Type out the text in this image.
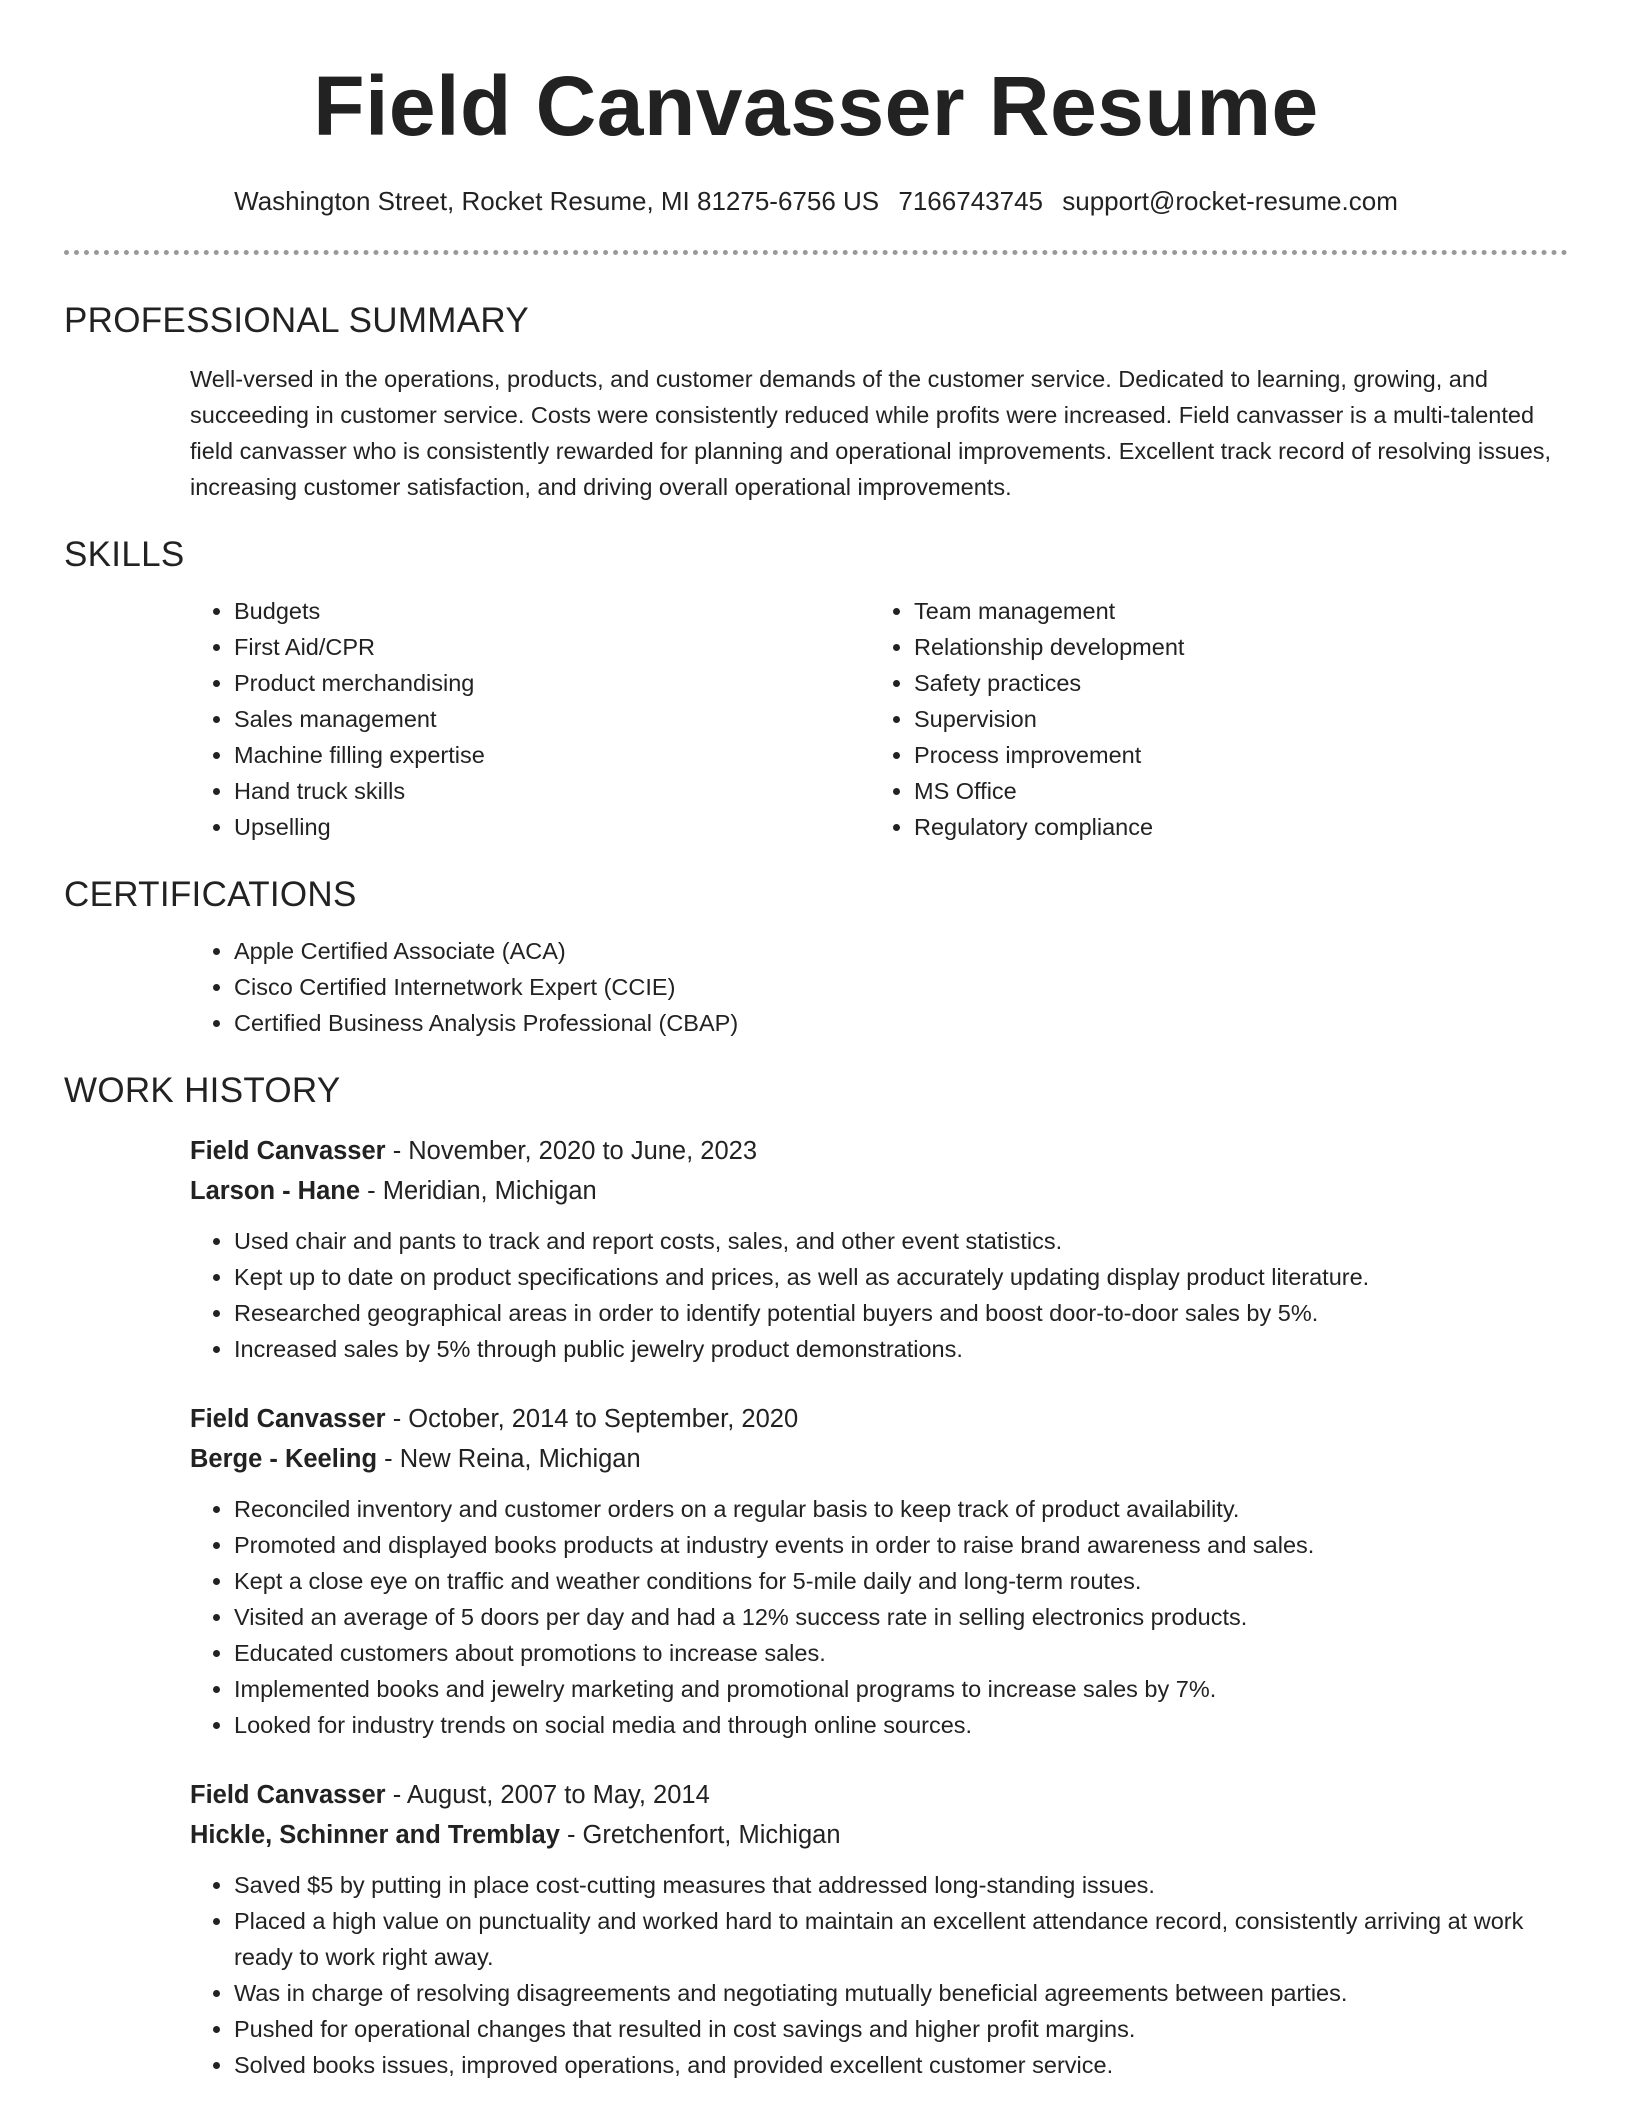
Field Canvasser Resume
Washington Street, Rocket Resume, MI 81275-6756 US 7166743745 support@rocket-resume.com
PROFESSIONAL SUMMARY
Well-versed in the operations, products, and customer demands of the customer service. Dedicated to learning, growing, and succeeding in customer service. Costs were consistently reduced while profits were increased. Field canvasser is a multi-talented field canvasser who is consistently rewarded for planning and operational improvements. Excellent track record of resolving issues, increasing customer satisfaction, and driving overall operational improvements.
SKILLS
• Budgets
• First Aid/CPR
• Product merchandising
• Sales management
• Machine filling expertise
• Hand truck skills
• Upselling
• Team management
• Relationship development
• Safety practices
• Supervision
• Process improvement
• MS Office
• Regulatory compliance
CERTIFICATIONS
• Apple Certified Associate (ACA)
• Cisco Certified Internetwork Expert (CCIE)
• Certified Business Analysis Professional (CBAP)
WORK HISTORY
Field Canvasser - November, 2020 to June, 2023
Larson - Hane - Meridian, Michigan
• Used chair and pants to track and report costs, sales, and other event statistics.
• Kept up to date on product specifications and prices, as well as accurately updating display product literature.
• Researched geographical areas in order to identify potential buyers and boost door-to-door sales by 5%.
• Increased sales by 5% through public jewelry product demonstrations.
Field Canvasser - October, 2014 to September, 2020
Berge - Keeling - New Reina, Michigan
• Reconciled inventory and customer orders on a regular basis to keep track of product availability.
• Promoted and displayed books products at industry events in order to raise brand awareness and sales.
• Kept a close eye on traffic and weather conditions for 5-mile daily and long-term routes.
• Visited an average of 5 doors per day and had a 12% success rate in selling electronics products.
• Educated customers about promotions to increase sales.
• Implemented books and jewelry marketing and promotional programs to increase sales by 7%.
• Looked for industry trends on social media and through online sources.
Field Canvasser - August, 2007 to May, 2014
Hickle, Schinner and Tremblay - Gretchenfort, Michigan
• Saved $5 by putting in place cost-cutting measures that addressed long-standing issues.
• Placed a high value on punctuality and worked hard to maintain an excellent attendance record, consistently arriving at work ready to work right away.
• Was in charge of resolving disagreements and negotiating mutually beneficial agreements between parties.
• Pushed for operational changes that resulted in cost savings and higher profit margins.
• Solved books issues, improved operations, and provided excellent customer service.
